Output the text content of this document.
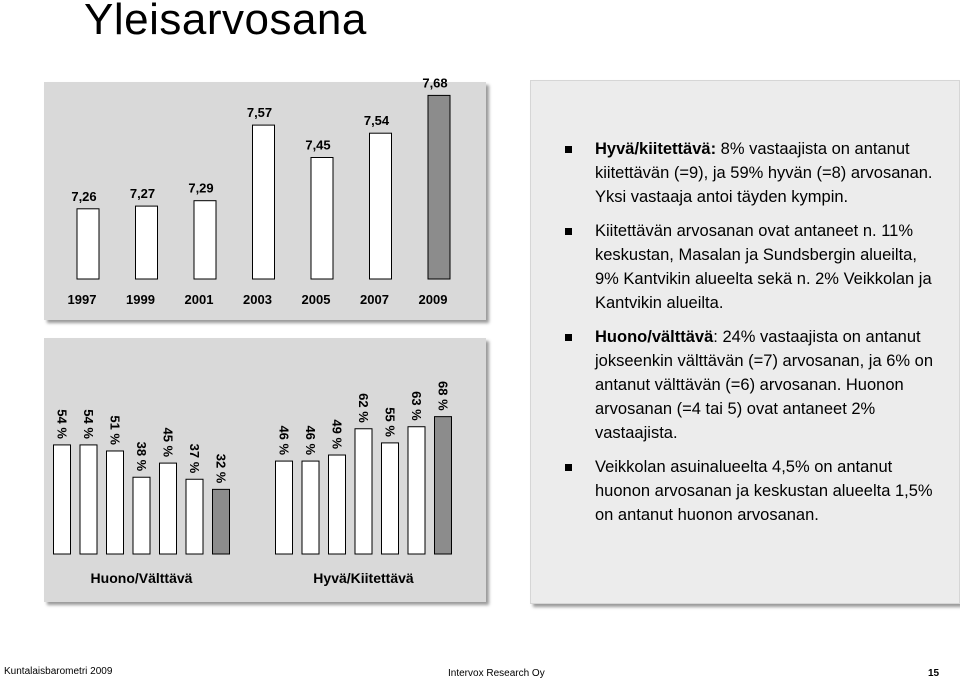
Yleisarvosana
7,26
1997
7,27
1999
7,29
2001
7,57
2003
7,45
2005
7,54
2007
7,68
2009
54 % 54 % 51 %
38 % 45 %
37 % 32 %
Huono/Välttävä
46 % 46 % 49 %
62 % 55 %
63 % 68 %
Hyvä/Kiitettävä
Hyvä/kiitettävä: 8% vastaajista on antanut kiitettävän (=9), ja 59% hyvän (=8) arvosanan. Yksi vastaaja antoi täyden kympin.
Kiitettävän arvosanan ovat antaneet n. 11% keskustan, Masalan ja Sundsbergin alueilta, 9% Kantvikin alueelta sekä n. 2% Veikkolan ja Kantvikin alueilta.
Huono/välttävä: 24% vastaajista on antanut jokseenkin välttävän (=7) arvosanan, ja 6% on antanut välttävän (=6) arvosanan. Huonon arvosanan (=4 tai 5) ovat antaneet 2% vastaajista.
Veikkolan asuinalueelta 4,5% on antanut huonon arvosanan ja keskustan alueelta 1,5% on antanut huonon arvosanan.
Kuntalaisbarometri 2009	Intervox Research Oy	15
